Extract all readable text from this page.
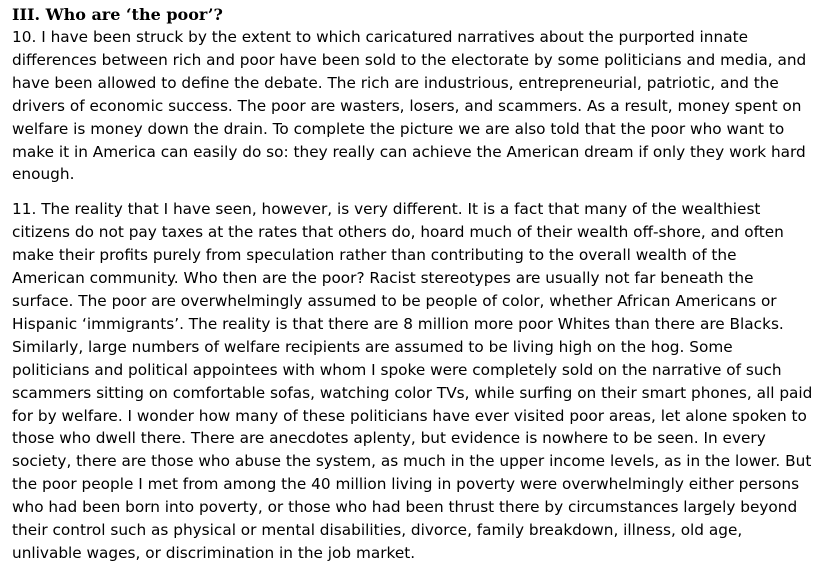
III. Who are ‘the poor’?

10. I have been struck by the extent to which caricatured narratives about the purported innate differences between rich and poor have been sold to the electorate by some politicians and media, and have been allowed to define the debate. The rich are industrious, entrepreneurial, patriotic, and the drivers of economic success. The poor are wasters, losers, and scammers. As a result, money spent on welfare is money down the drain. To complete the picture we are also told that the poor who want to make it in America can easily do so: they really can achieve the American dream if only they work hard enough.

11. The reality that I have seen, however, is very different. It is a fact that many of the wealthiest citizens do not pay taxes at the rates that others do, hoard much of their wealth off-shore, and often make their profits purely from speculation rather than contributing to the overall wealth of the American community. Who then are the poor? Racist stereotypes are usually not far beneath the surface. The poor are overwhelmingly assumed to be people of color, whether African Americans or Hispanic ‘immigrants’. The reality is that there are 8 million more poor Whites than there are Blacks. Similarly, large numbers of welfare recipients are assumed to be living high on the hog. Some politicians and political appointees with whom I spoke were completely sold on the narrative of such scammers sitting on comfortable sofas, watching color TVs, while surfing on their smart phones, all paid for by welfare. I wonder how many of these politicians have ever visited poor areas, let alone spoken to those who dwell there. There are anecdotes aplenty, but evidence is nowhere to be seen. In every society, there are those who abuse the system, as much in the upper income levels, as in the lower. But the poor people I met from among the 40 million living in poverty were overwhelmingly either persons who had been born into poverty, or those who had been thrust there by circumstances largely beyond their control such as physical or mental disabilities, divorce, family breakdown, illness, old age, unlivable wages, or discrimination in the job market.
